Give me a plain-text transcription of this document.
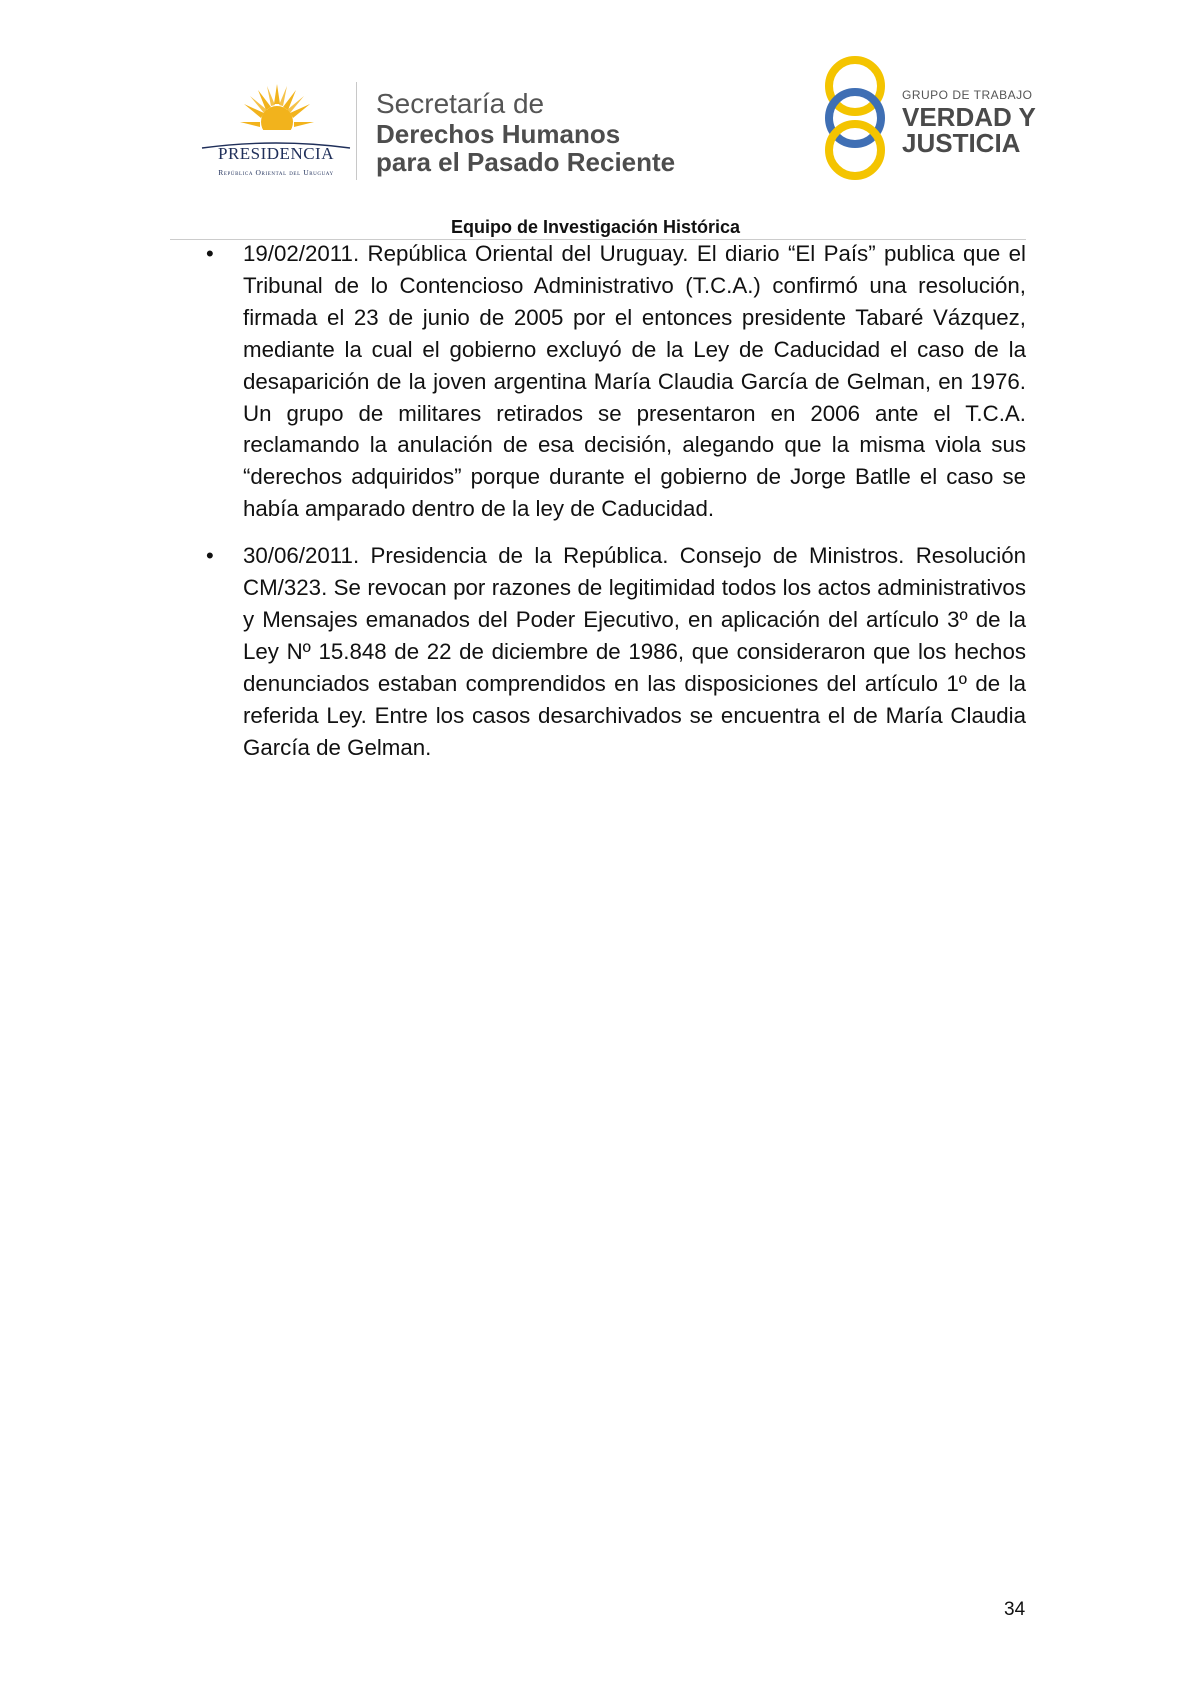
PRESIDENCIA
República Oriental del Uruguay
Secretaría de
Derechos Humanos
para el Pasado Reciente
GRUPO DE TRABAJO
VERDAD Y
JUSTICIA
Equipo de Investigación Histórica
• 19/02/2011. República Oriental del Uruguay. El diario “El País” publica que el Tribunal de lo Contencioso Administrativo (T.C.A.) confirmó una resolución, firmada el 23 de junio de 2005 por el entonces presidente Tabaré Vázquez, mediante la cual el gobierno excluyó de la Ley de Caducidad el caso de la desaparición de la joven argentina María Claudia García de Gelman, en 1976. Un grupo de militares retirados se presentaron en 2006 ante el T.C.A. reclamando la anulación de esa decisión, alegando que la misma viola sus “derechos adquiridos” porque durante el gobierno de Jorge Batlle el caso se había amparado dentro de la ley de Caducidad.

• 30/06/2011. Presidencia de la República. Consejo de Ministros. Resolución CM/323. Se revocan por razones de legitimidad todos los actos administrativos y Mensajes emanados del Poder Ejecutivo, en aplicación del artículo 3º de la Ley Nº 15.848 de 22 de diciembre de 1986, que consideraron que los hechos denunciados estaban comprendidos en las disposiciones del artículo 1º de la referida Ley. Entre los casos desarchivados se encuentra el de María Claudia García de Gelman.

34
